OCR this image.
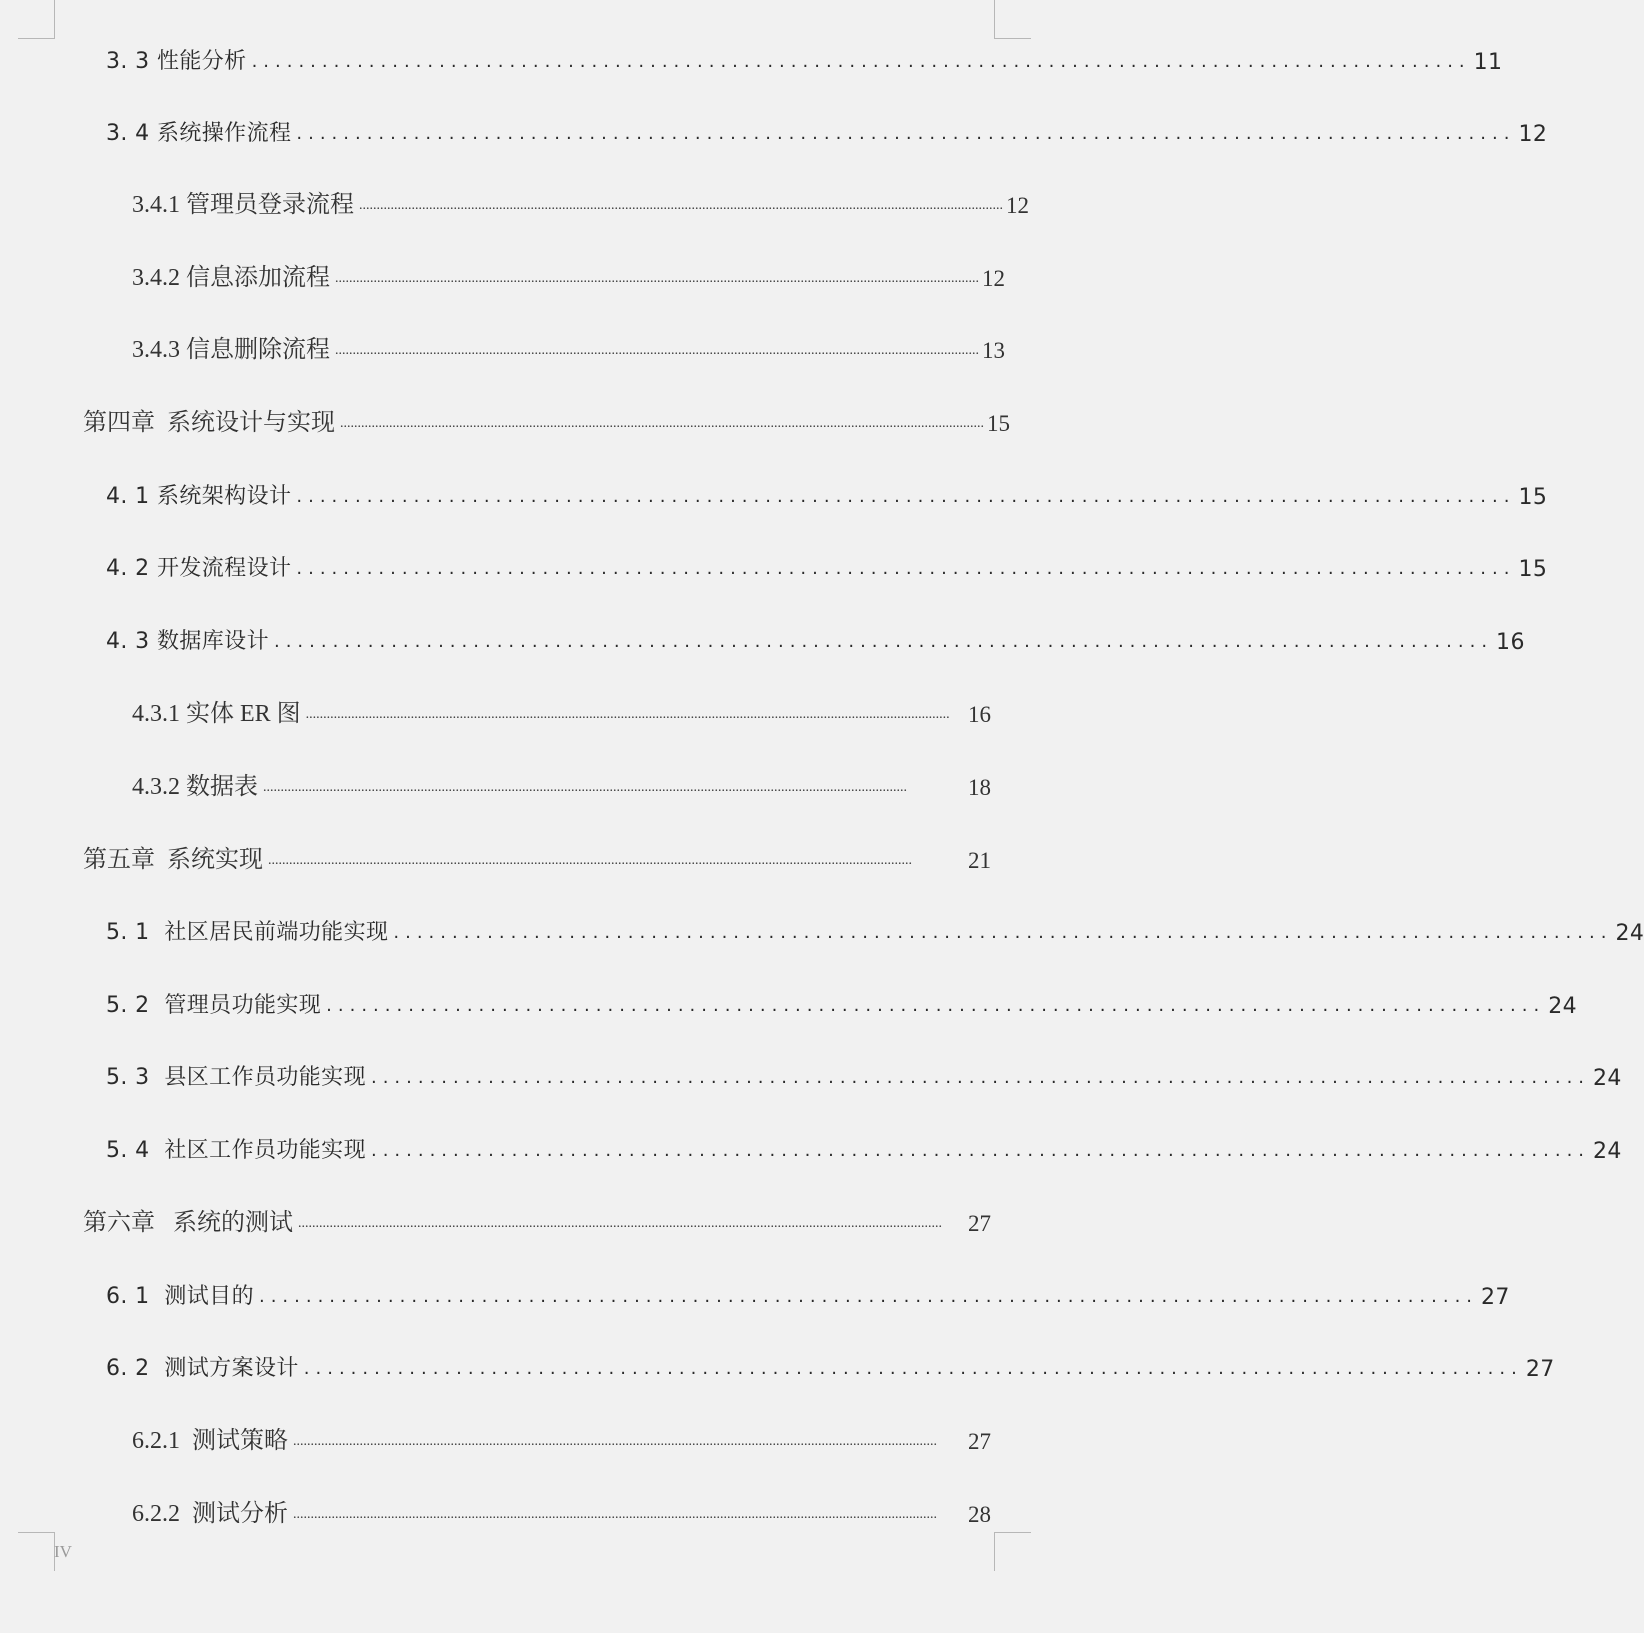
3. 3 性能分析 ........................................................................................................ 11
3. 4 系统操作流程 ........................................................................................................ 12
3.4.1 管理员登录流程 ........................................................................................................................................................................................ 12
3.4.2 信息添加流程 ........................................................................................................................................................................................ 12
3.4.3 信息删除流程 ........................................................................................................................................................................................ 13
第四章  系统设计与实现 ........................................................................................................................................................................................ 15
4. 1 系统架构设计 ........................................................................................................ 15
4. 2 开发流程设计 ........................................................................................................ 15
4. 3 数据库设计 ........................................................................................................ 16
4.3.1 实体 ER 图 ........................................................................................................................................................................................ 16
4.3.2 数据表 ........................................................................................................................................................................................	18
第五章  系统实现 ........................................................................................................................................................................................	21
5. 1  社区居民前端功能实现 ........................................................................................................ 24
5. 2  管理员功能实现 ........................................................................................................ 24
5. 3  县区工作员功能实现 ........................................................................................................ 24
5. 4  社区工作员功能实现 ........................................................................................................ 24
第六章   系统的测试 ........................................................................................................................................................................................	27
6. 1  测试目的 ........................................................................................................ 27
6. 2  测试方案设计 ........................................................................................................ 27
6.2.1  测试策略 ........................................................................................................................................................................................	27
6.2.2  测试分析 ........................................................................................................................................................................................	28
IV
